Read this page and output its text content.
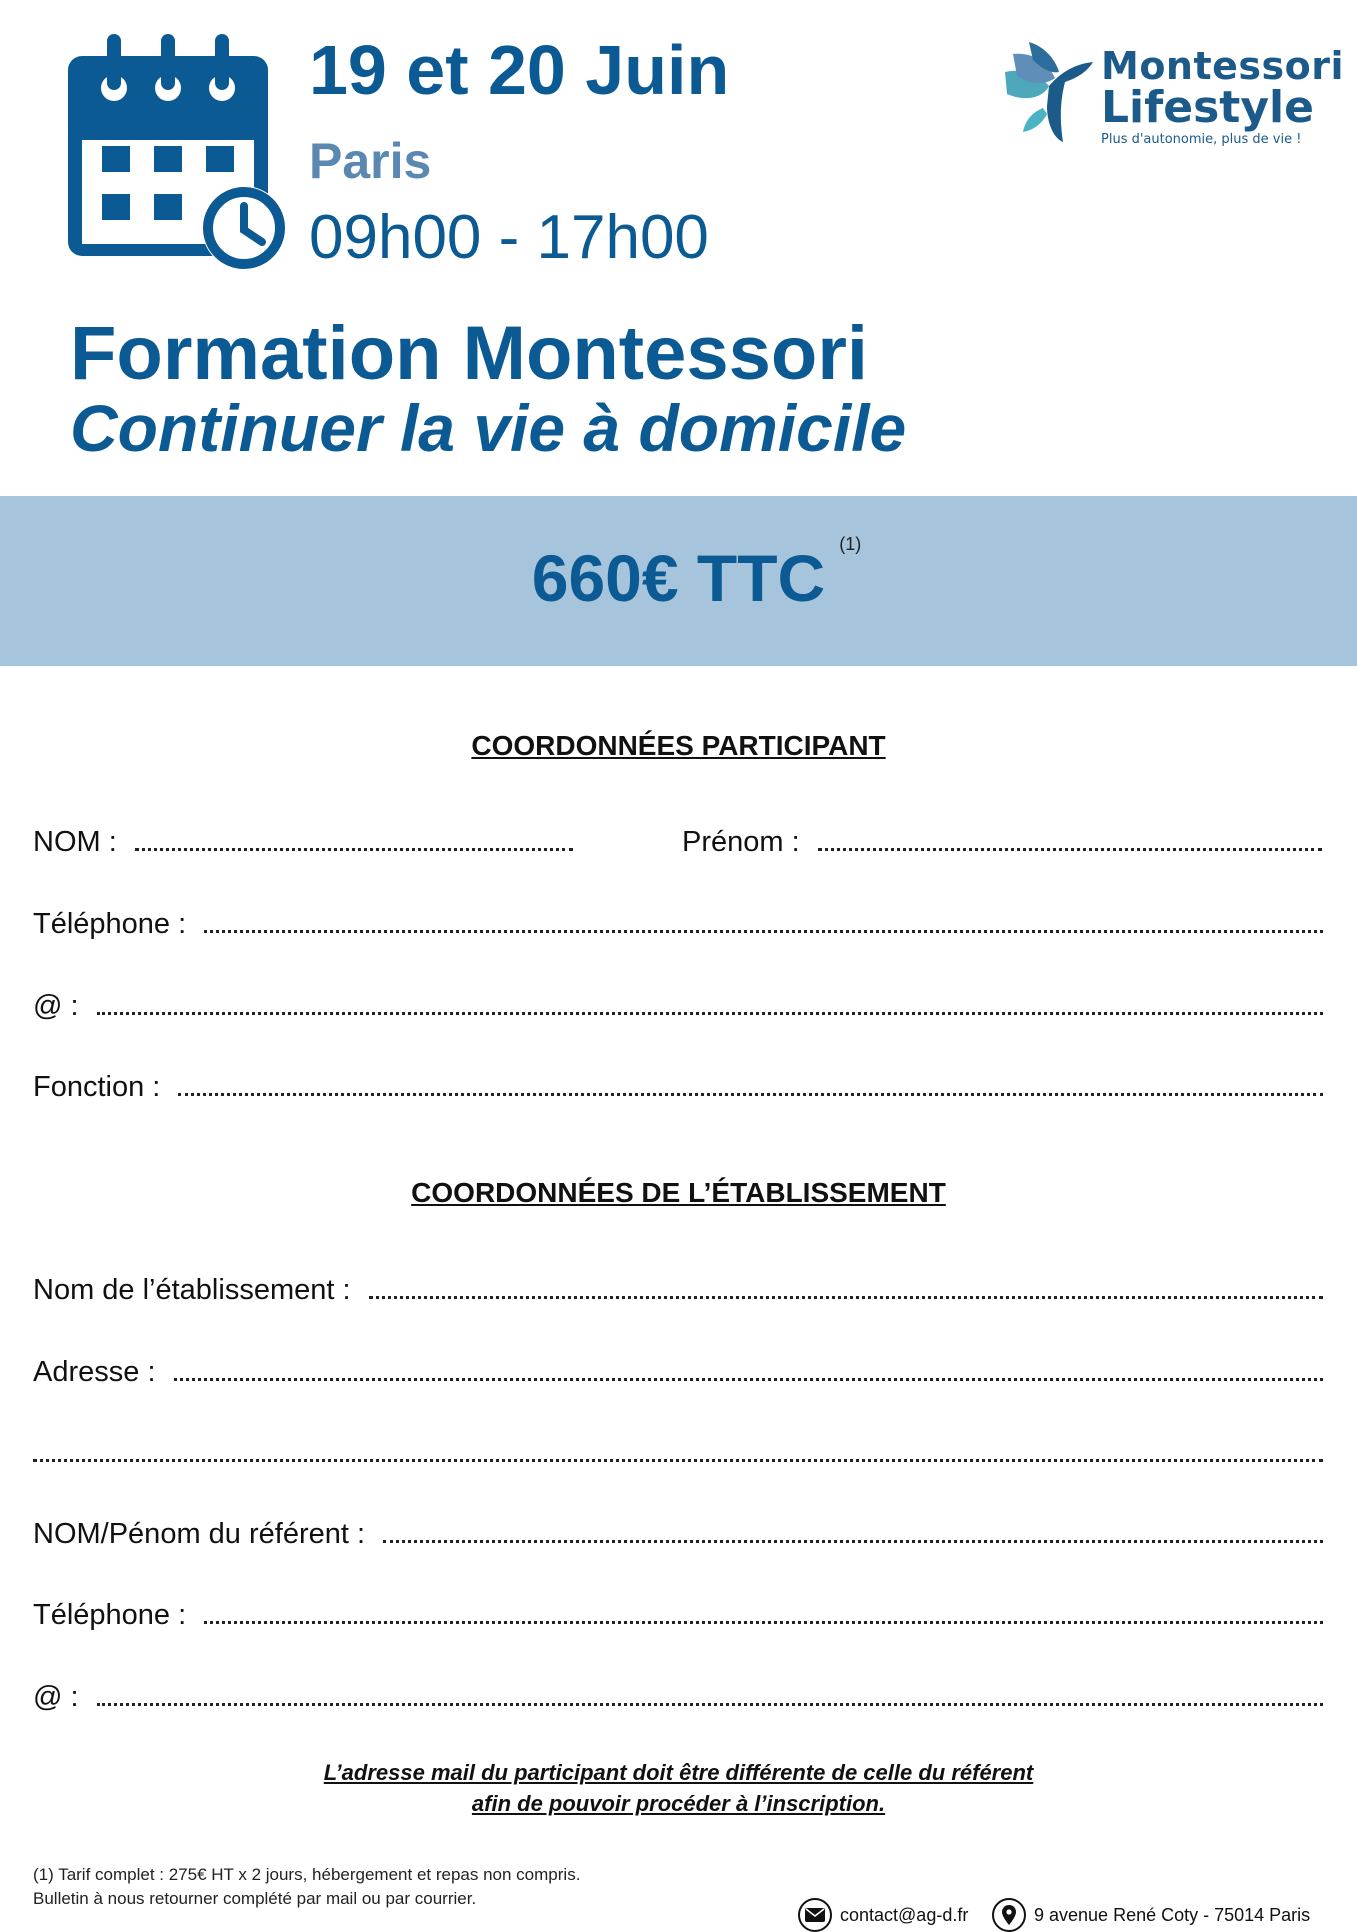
19 et 20 Juin
Paris
09h00 - 17h00
Montessori
Lifestyle
Plus d'autonomie, plus de vie !
Formation Montessori
Continuer la vie à domicile
660€ TTC (1)
COORDONNÉES PARTICIPANT
NOM :	Prénom :
Téléphone :
@ :
Fonction :
COORDONNÉES DE L’ÉTABLISSEMENT
Nom de l’établissement :
Adresse :
NOM/Pénom du référent :
Téléphone :
@ :
L’adresse mail du participant doit être différente de celle du référent
afin de pouvoir procéder à l’inscription.
(1) Tarif complet : 275€ HT x 2 jours, hébergement et repas non compris.
Bulletin à nous retourner complété par mail ou par courrier.
contact@ag-d.fr	9 avenue René Coty - 75014 Paris
